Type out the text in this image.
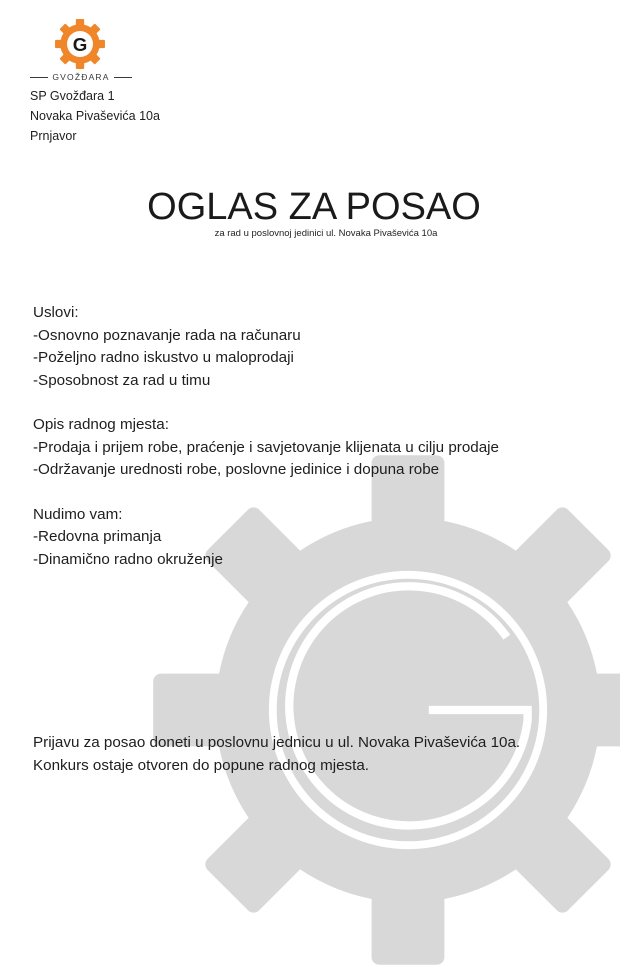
G
GVOŽĐARA
SP Gvožđara 1
Novaka Pivaševića 10a
Prnjavor
OGLAS ZA POSAO
za rad u poslovnoj jedinici ul. Novaka Pivaševića 10a
Uslovi:
-Osnovno poznavanje rada na računaru
-Poželjno radno iskustvo u maloprodaji
-Sposobnost za rad u timu
Opis radnog mjesta:
-Prodaja i prijem robe, praćenje i savjetovanje klijenata u cilju prodaje
-Održavanje urednosti robe, poslovne jedinice i dopuna robe
Nudimo vam:
-Redovna primanja
-Dinamično radno okruženje
Prijavu za posao doneti u poslovnu jednicu u ul. Novaka Pivaševića 10a.
Konkurs ostaje otvoren do popune radnog mjesta.
